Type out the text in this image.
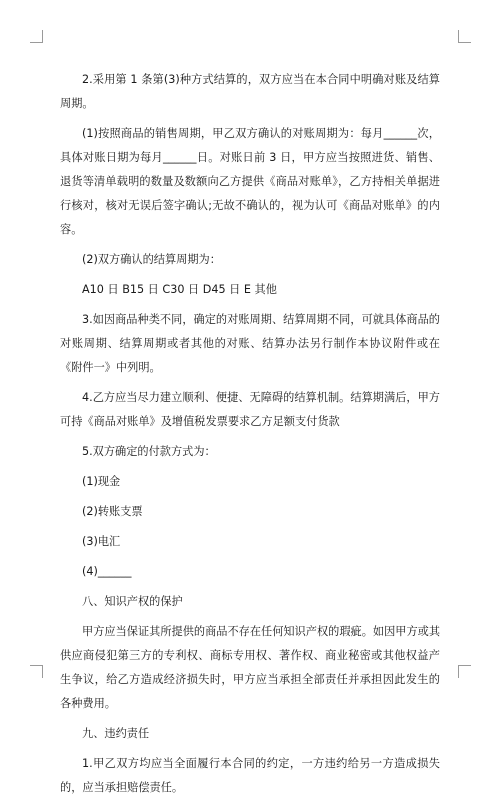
2.采用第 1 条第(3)种方式结算的，双方应当在本合同中明确对账及结算周期。

(1)按照商品的销售周期，甲乙双方确认的对账周期为：每月______次，具体对账日期为每月______日。对账日前 3 日，甲方应当按照进货、销售、退货等清单载明的数量及数额向乙方提供《商品对账单》，乙方持相关单据进行核对，核对无误后签字确认;无故不确认的，视为认可《商品对账单》的内容。

(2)双方确认的结算周期为：

A10 日 B15 日 C30 日 D45 日 E 其他

3.如因商品种类不同，确定的对账周期、结算周期不同，可就具体商品的对账周期、结算周期或者其他的对账、结算办法另行制作本协议附件或在《附件一》中列明。

4.乙方应当尽力建立顺利、便捷、无障碍的结算机制。结算期满后，甲方可持《商品对账单》及增值税发票要求乙方足额支付货款

5.双方确定的付款方式为：

(1)现金

(2)转账支票

(3)电汇

(4)______

八、知识产权的保护

甲方应当保证其所提供的商品不存在任何知识产权的瑕疵。如因甲方或其供应商侵犯第三方的专利权、商标专用权、著作权、商业秘密或其他权益产生争议，给乙方造成经济损失时，甲方应当承担全部责任并承担因此发生的各种费用。

九、违约责任

1.甲乙双方均应当全面履行本合同的约定，一方违约给另一方造成损失的，应当承担赔偿责任。
